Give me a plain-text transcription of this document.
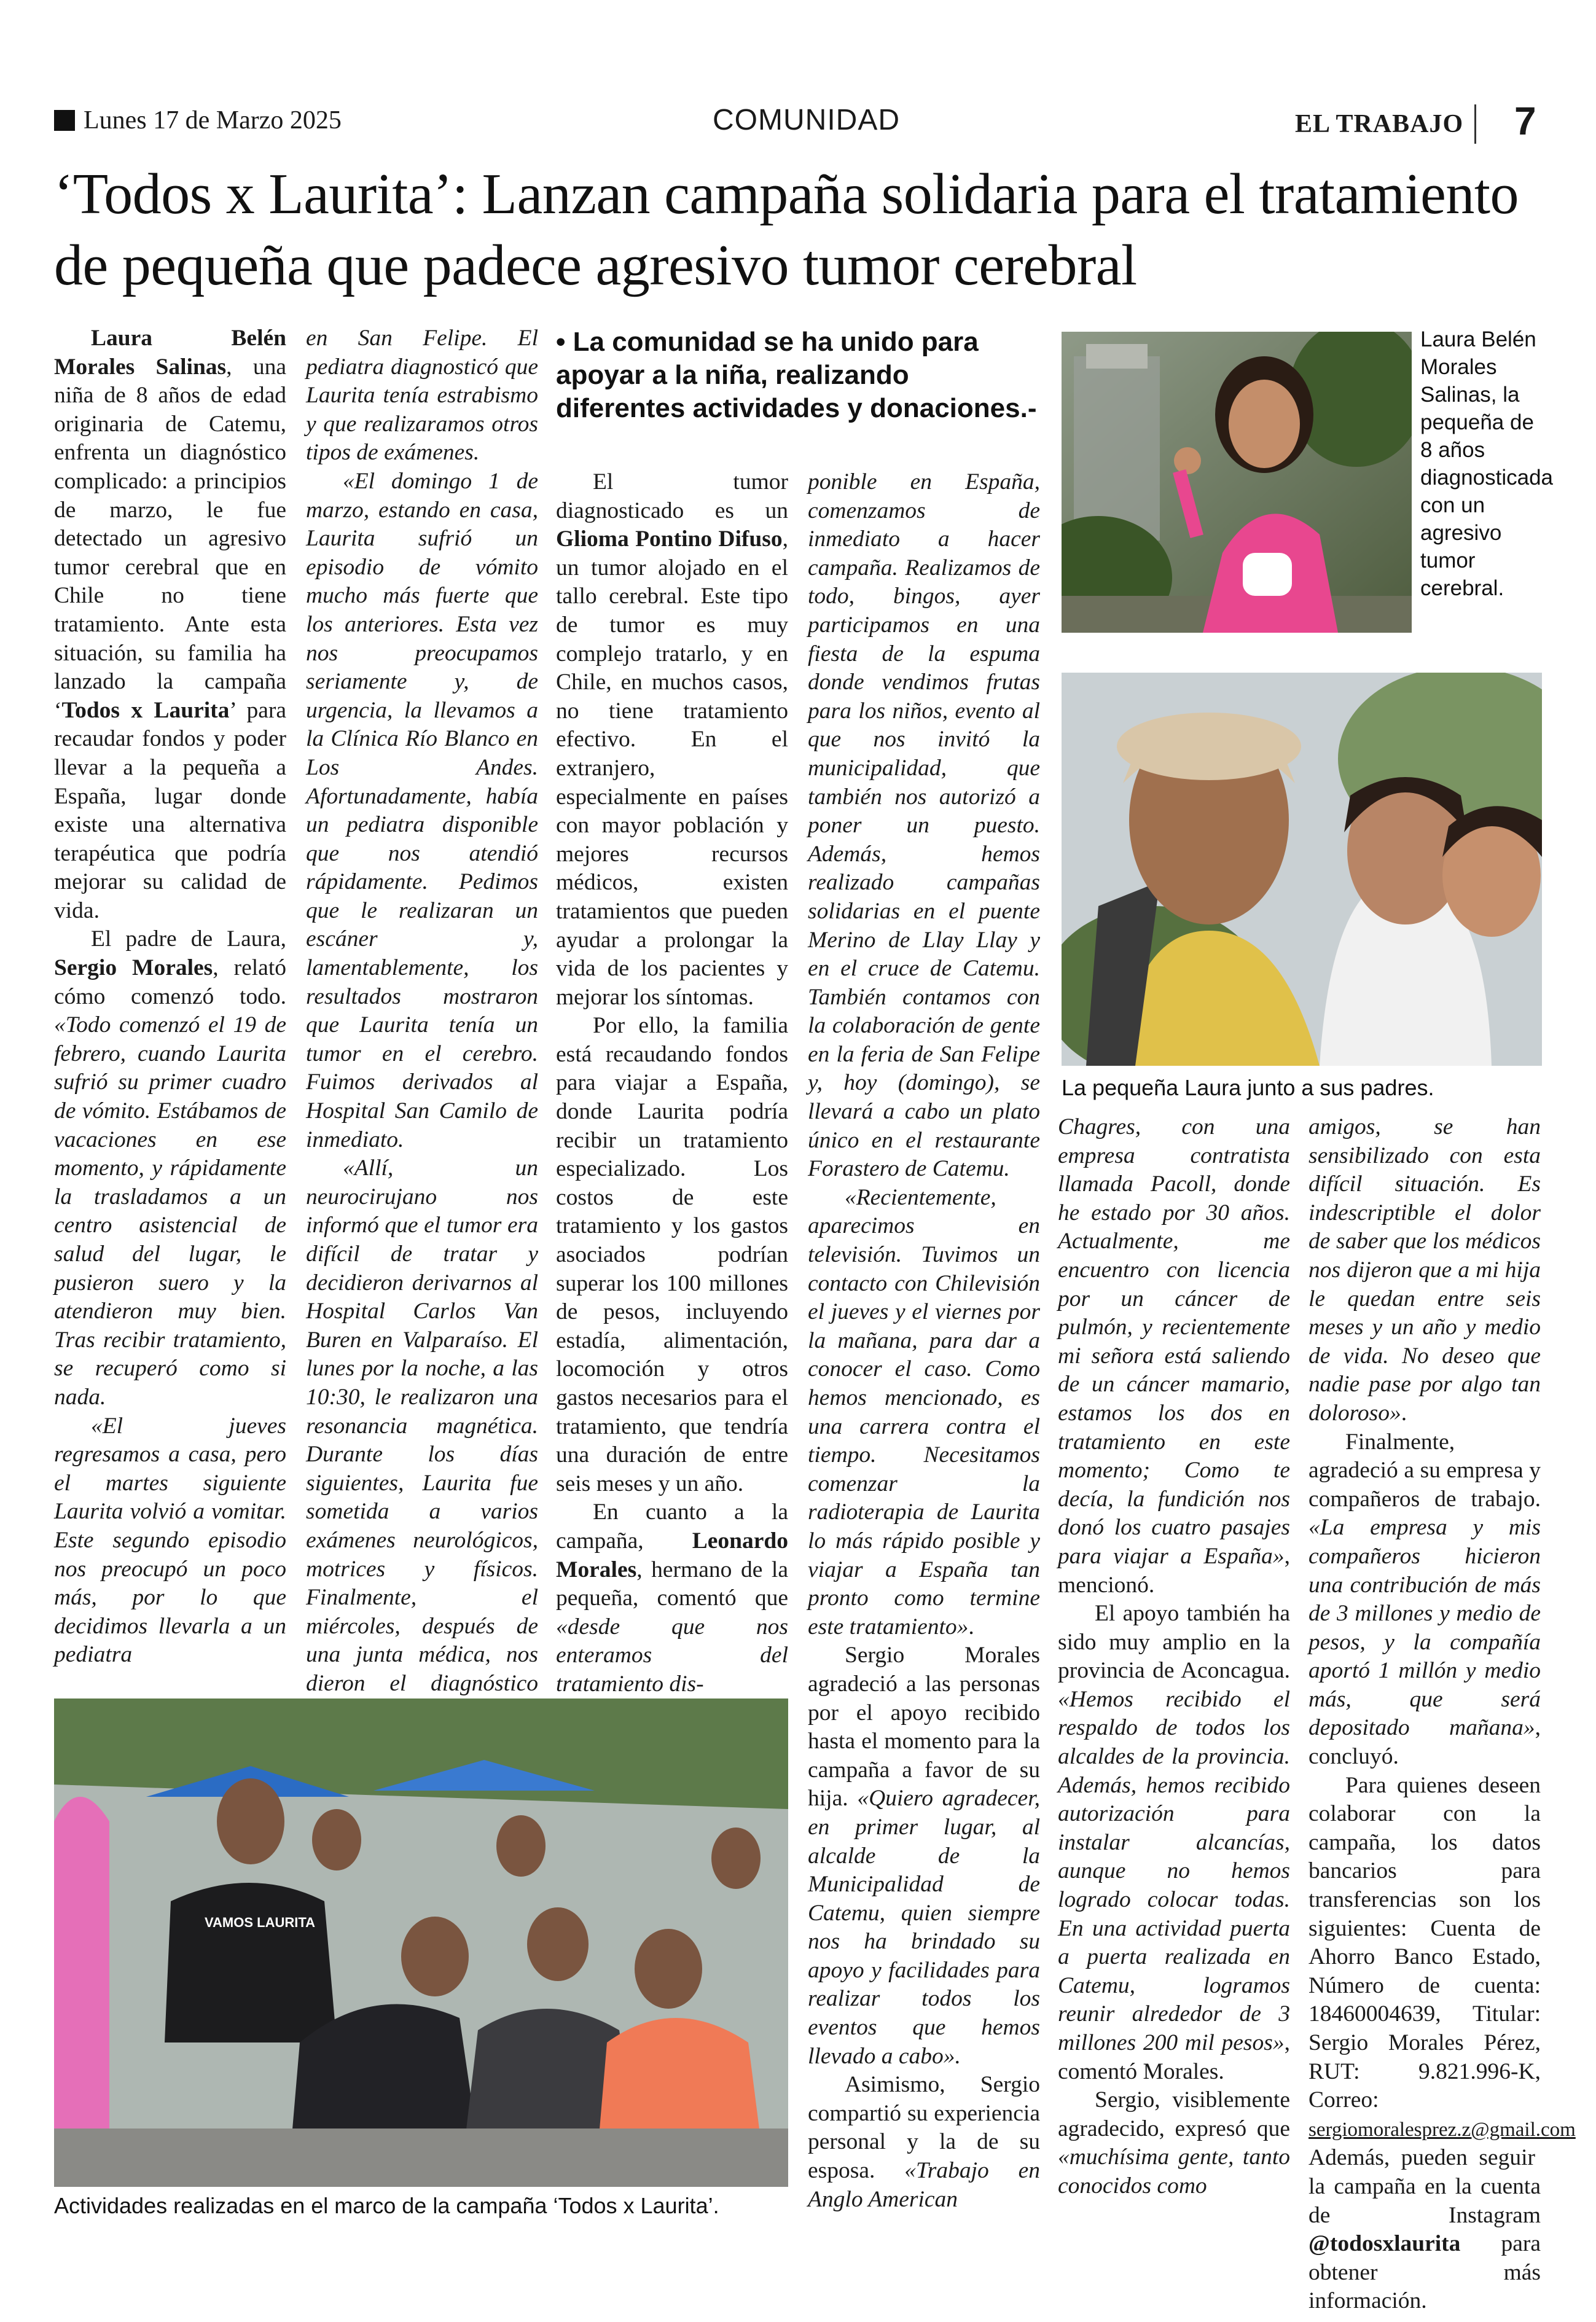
Lunes 17 de Marzo 2025	COMUNIDAD	EL TRABAJO 7
‘Todos x Laurita’: Lanzan campaña solidaria para el tratamiento de pequeña que padece agresivo tumor cerebral

Laura Belén Morales Salinas, una niña de 8 años de edad originaria de Catemu, enfrenta un diagnóstico complicado: a principios de marzo, le fue detectado un agresivo tumor cerebral que en Chile no tiene tratamiento. Ante esta situación, su familia ha lanzado la campaña ‘Todos x Laurita’ para recaudar fondos y poder llevar a la pequeña a España, lugar donde existe una alternativa terapéutica que podría mejorar su calidad de vida.

El padre de Laura, Sergio Morales, relató cómo comenzó todo. «Todo comenzó el 19 de febrero, cuando Laurita sufrió su primer cuadro de vómito. Estábamos de vacaciones en ese momento, y rápidamente la trasladamos a un centro asistencial de salud del lugar, le pusieron suero y la atendieron muy bien. Tras recibir tratamiento, se recuperó como si nada.

«El jueves regresamos a casa, pero el martes siguiente Laurita volvió a vomitar. Este segundo episodio nos preocupó un poco más, por lo que decidimos llevarla a un pediatra

en San Felipe. El pediatra diagnosticó que Laurita tenía estrabismo y que realizaramos otros tipos de exámenes.

«El domingo 1 de marzo, estando en casa, Laurita sufrió un episodio de vómito mucho más fuerte que los anteriores. Esta vez nos preocupamos seriamente y, de urgencia, la llevamos a la Clínica Río Blanco en Los Andes. Afortunadamente, había un pediatra disponible que nos atendió rápidamente. Pedimos que le realizaran un escáner y, lamentablemente, los resultados mostraron que Laurita tenía un tumor en el cerebro. Fuimos derivados al Hospital San Camilo de inmediato.

«Allí, un neurocirujano nos informó que el tumor era difícil de tratar y decidieron derivarnos al Hospital Carlos Van Buren en Valparaíso. El lunes por la noche, a las 10:30, le realizaron una resonancia magnética. Durante los días siguientes, Laurita fue sometida a varios exámenes neurológicos, motrices y físicos. Finalmente, el miércoles, después de una junta médica, nos dieron el diagnóstico

• La comunidad se ha unido para apoyar a la niña, realizando diferentes actividades y donaciones.-

El tumor diagnosticado es un Glioma Pontino Difuso, un tumor alojado en el tallo cerebral. Este tipo de tumor es muy complejo tratarlo, y en Chile, en muchos casos, no tiene tratamiento efectivo. En el extranjero, especialmente en países con mayor población y mejores recursos médicos, existen tratamientos que pueden ayudar a prolongar la vida de los pacientes y mejorar los síntomas.

Por ello, la familia está recaudando fondos para viajar a España, donde Laurita podría recibir un tratamiento especializado. Los costos de este tratamiento y los gastos asociados podrían superar los 100 millones de pesos, incluyendo estadía, alimentación, locomoción y otros gastos necesarios para el tratamiento, que tendría una duración de entre seis meses y un año.

En cuanto a la campaña, Leonardo Morales, hermano de la pequeña, comentó que «desde que nos enteramos del tratamiento dis-

ponible en España, comenzamos de inmediato a hacer campaña. Realizamos de todo, bingos, ayer participamos en una fiesta de la espuma donde vendimos frutas para los niños, evento al que nos invitó la municipalidad, que también nos autorizó a poner un puesto. Además, hemos realizado campañas solidarias en el puente Merino de Llay Llay y en el cruce de Catemu. También contamos con la colaboración de gente en la feria de San Felipe y, hoy (domingo), se llevará a cabo un plato único en el restaurante Forastero de Catemu.

«Recientemente, aparecimos en televisión. Tuvimos un contacto con Chilevisión el jueves y el viernes por la mañana, para dar a conocer el caso. Como hemos mencionado, es una carrera contra el tiempo. Necesitamos comenzar la radioterapia de Laurita lo más rápido posible y viajar a España tan pronto como termine este tratamiento».

Sergio Morales agradeció a las personas por el apoyo recibido hasta el momento para la campaña a favor de su hija. «Quiero agradecer, en primer lugar, al alcalde de la Municipalidad de Catemu, quien siempre nos ha brindado su apoyo y facilidades para realizar todos los eventos que hemos llevado a cabo».

Asimismo, Sergio compartió su experiencia personal y la de su esposa. «Trabajo en Anglo American

Chagres, con una empresa contratista llamada Pacoll, donde he estado por 30 años. Actualmente, me encuentro con licencia por un cáncer de pulmón, y recientemente mi señora está saliendo de un cáncer mamario, estamos los dos en tratamiento en este momento; Como te decía, la fundición nos donó los cuatro pasajes para viajar a España», mencionó.

El apoyo también ha sido muy amplio en la provincia de Aconcagua. «Hemos recibido el respaldo de todos los alcaldes de la provincia. Además, hemos recibido autorización para instalar alcancías, aunque no hemos logrado colocar todas. En una actividad puerta a puerta realizada en Catemu, logramos reunir alrededor de 3 millones 200 mil pesos», comentó Morales.

Sergio, visiblemente agradecido, expresó que «muchísima gente, tanto conocidos como

amigos, se han sensibilizado con esta difícil situación. Es indescriptible el dolor de saber que los médicos nos dijeron que a mi hija le quedan entre seis meses y un año y medio de vida. No deseo que nadie pase por algo tan doloroso».

Finalmente, agradeció a su empresa y compañeros de trabajo. «La empresa y mis compañeros hicieron una contribución de más de 3 millones y medio de pesos, y la compañía aportó 1 millón y medio más, que será depositado mañana», concluyó.

Para quienes deseen colaborar con la campaña, los datos bancarios para transferencias son los siguientes: Cuenta de Ahorro Banco Estado, Número de cuenta: 18460004639, Titular: Sergio Morales Pérez, RUT: 9.821.996-K, Correo: sergiomoralesprez.z@gmail.com Además, pueden seguir la campaña en la cuenta de Instagram @todosxlaurita para obtener más información.

Laura Belén Morales Salinas, la pequeña de 8 años diagnosticada con un agresivo tumor cerebral.
La pequeña Laura junto a sus padres.
VAMOS LAURITA
Actividades realizadas en el marco de la campaña ‘Todos x Laurita’.
